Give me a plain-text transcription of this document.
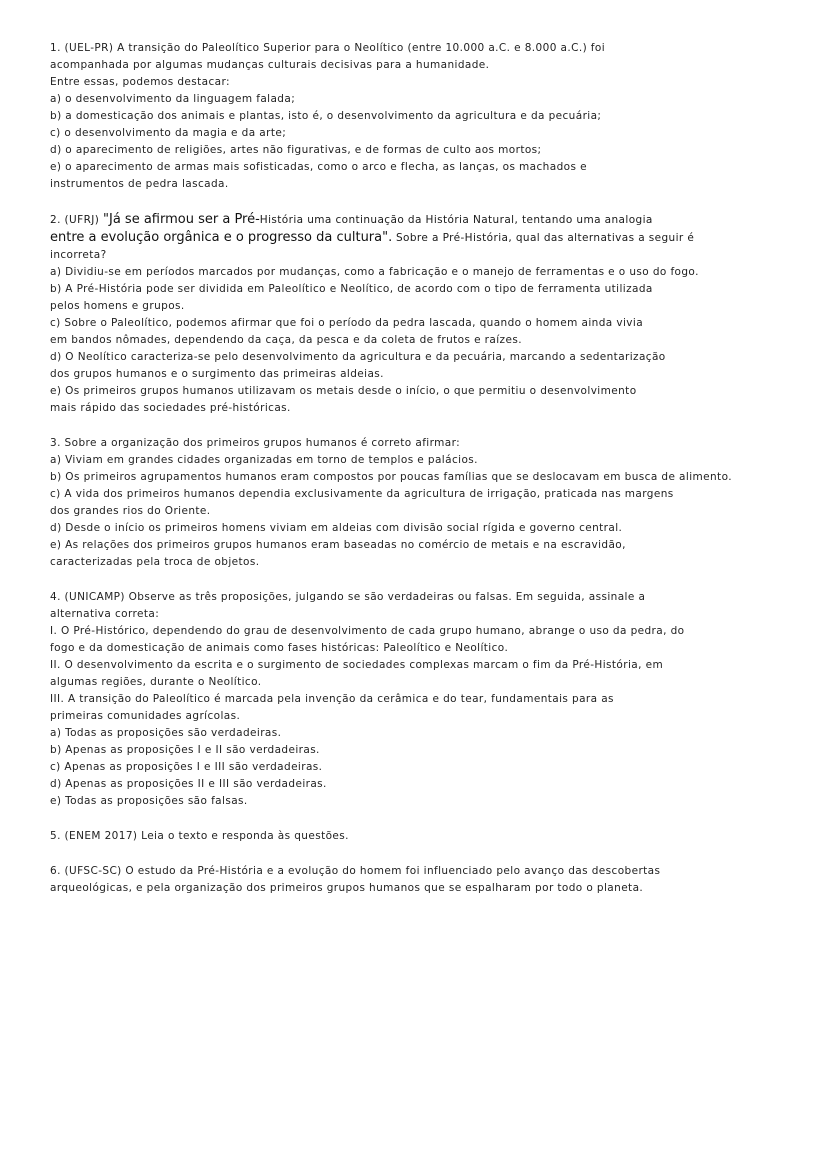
1. (UEL-PR) A transição do Paleolítico Superior para o Neolítico (entre 10.000 a.C. e 8.000 a.C.) foi

acompanhada por algumas mudanças culturais decisivas para a humanidade.

Entre essas, podemos destacar:

a) o desenvolvimento da linguagem falada;

b) a domesticação dos animais e plantas, isto é, o desenvolvimento da agricultura e da pecuária;

c) o desenvolvimento da magia e da arte;

d) o aparecimento de religiões, artes não figurativas, e de formas de culto aos mortos;

e) o aparecimento de armas mais sofisticadas, como o arco e flecha, as lanças, os machados e

instrumentos de pedra lascada.

2. (UFRJ) "Já se afirmou ser a Pré-História uma continuação da História Natural, tentando uma analogia

entre a evolução orgânica e o progresso da cultura". Sobre a Pré-História, qual das alternativas a seguir é

incorreta?

a) Dividiu-se em períodos marcados por mudanças, como a fabricação e o manejo de ferramentas e o uso do fogo.

b) A Pré-História pode ser dividida em Paleolítico e Neolítico, de acordo com o tipo de ferramenta utilizada

pelos homens e grupos.

c) Sobre o Paleolítico, podemos afirmar que foi o período da pedra lascada, quando o homem ainda vivia

em bandos nômades, dependendo da caça, da pesca e da coleta de frutos e raízes.

d) O Neolítico caracteriza-se pelo desenvolvimento da agricultura e da pecuária, marcando a sedentarização

dos grupos humanos e o surgimento das primeiras aldeias.

e) Os primeiros grupos humanos utilizavam os metais desde o início, o que permitiu o desenvolvimento

mais rápido das sociedades pré-históricas.

3. Sobre a organização dos primeiros grupos humanos é correto afirmar:

a) Viviam em grandes cidades organizadas em torno de templos e palácios.

b) Os primeiros agrupamentos humanos eram compostos por poucas famílias que se deslocavam em busca de alimento.

c) A vida dos primeiros humanos dependia exclusivamente da agricultura de irrigação, praticada nas margens

dos grandes rios do Oriente.

d) Desde o início os primeiros homens viviam em aldeias com divisão social rígida e governo central.

e) As relações dos primeiros grupos humanos eram baseadas no comércio de metais e na escravidão,

caracterizadas pela troca de objetos.

4. (UNICAMP) Observe as três proposições, julgando se são verdadeiras ou falsas. Em seguida, assinale a

alternativa correta:

I. O Pré-Histórico, dependendo do grau de desenvolvimento de cada grupo humano, abrange o uso da pedra, do

fogo e da domesticação de animais como fases históricas: Paleolítico e Neolítico.

II. O desenvolvimento da escrita e o surgimento de sociedades complexas marcam o fim da Pré-História, em

algumas regiões, durante o Neolítico.

III. A transição do Paleolítico é marcada pela invenção da cerâmica e do tear, fundamentais para as

primeiras comunidades agrícolas.

a) Todas as proposições são verdadeiras.

b) Apenas as proposições I e II são verdadeiras.

c) Apenas as proposições I e III são verdadeiras.

d) Apenas as proposições II e III são verdadeiras.

e) Todas as proposições são falsas.

5. (ENEM 2017) Leia o texto e responda às questões.

6. (UFSC-SC) O estudo da Pré-História e a evolução do homem foi influenciado pelo avanço das descobertas

arqueológicas, e pela organização dos primeiros grupos humanos que se espalharam por todo o planeta.
